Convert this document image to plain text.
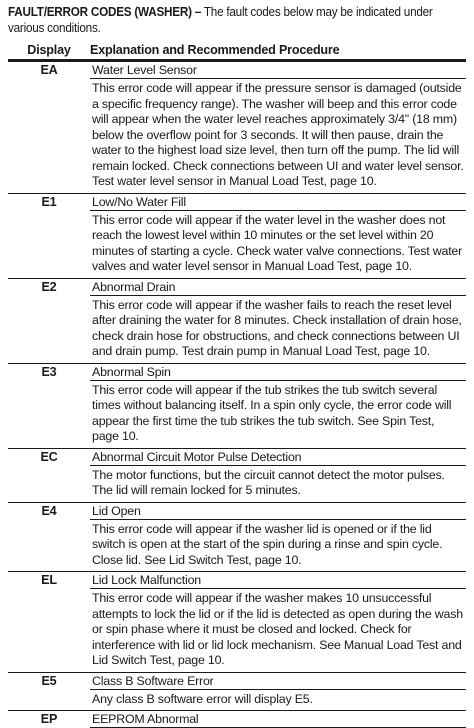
FAULT/ERROR CODES (WASHER) – The fault codes below may be indicated under various conditions.
Display	Explanation and Recommended Procedure
EA	Water Level Sensor
	This error code will appear if the pressure sensor is damaged (outside a specific frequency range). The washer will beep and this error code will appear when the water level reaches approximately 3/4" (18 mm) below the overflow point for 3 seconds. It will then pause, drain the water to the highest load size level, then turn off the pump. The lid will remain locked. Check connections between UI and water level sensor. Test water level sensor in Manual Load Test, page 10.
E1	Low/No Water Fill
	This error code will appear if the water level in the washer does not reach the lowest level within 10 minutes or the set level within 20 minutes of starting a cycle. Check water valve connections. Test water valves and water level sensor in Manual Load Test, page 10.
E2	Abnormal Drain
	This error code will appear if the washer fails to reach the reset level after draining the water for 8 minutes. Check installation of drain hose, check drain hose for obstructions, and check connections between UI and drain pump. Test drain pump in Manual Load Test, page 10.
E3	Abnormal Spin
	This error code will appear if the tub strikes the tub switch several times without balancing itself. In a spin only cycle, the error code will appear the first time the tub strikes the tub switch. See Spin Test, page 10.
EC	Abnormal Circuit Motor Pulse Detection
	The motor functions, but the circuit cannot detect the motor pulses. The lid will remain locked for 5 minutes.
E4	Lid Open
	This error code will appear if the washer lid is opened or if the lid switch is open at the start of the spin during a rinse and spin cycle. Close lid. See Lid Switch Test, page 10.
EL	Lid Lock Malfunction
	This error code will appear if the washer makes 10 unsuccessful attempts to lock the lid or if the lid is detected as open during the wash or spin phase where it must be closed and locked. Check for interference with lid or lid lock mechanism. See Manual Load Test and Lid Switch Test, page 10.
E5	Class B Software Error
	Any class B software error will display E5.
EP	EEPROM Abnormal
